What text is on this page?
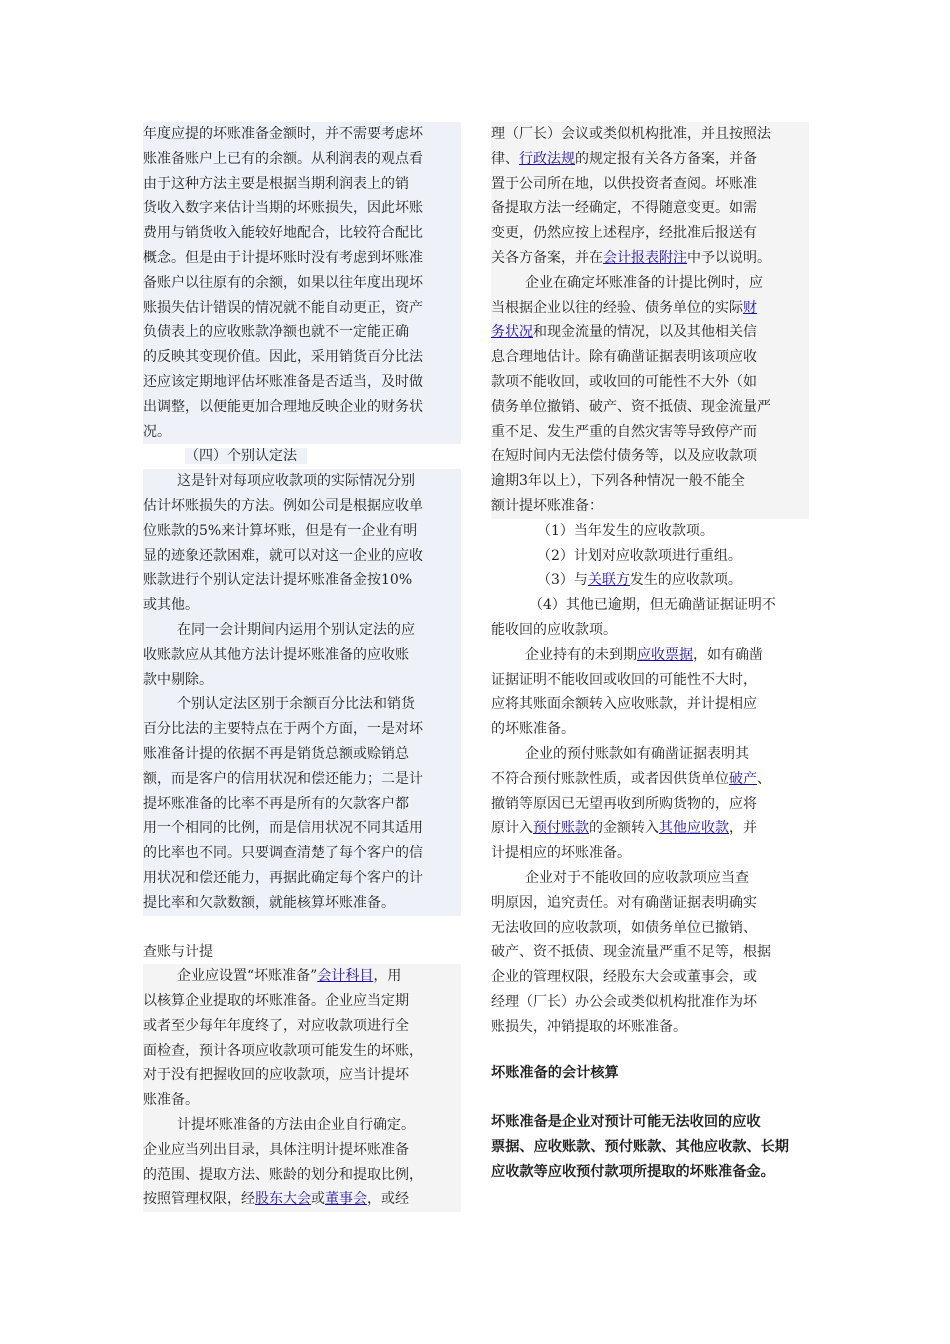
年度应提的坏账准备金额时，并不需要考虑坏
账准备账户上已有的余额。从利润表的观点看
由于这种方法主要是根据当期利润表上的销
货收入数字来估计当期的坏账损失，因此坏账
费用与销货收入能较好地配合，比较符合配比
概念。但是由于计提坏账时没有考虑到坏账准
备账户以往原有的余额，如果以往年度出现坏
账损失估计错误的情况就不能自动更正，资产
负债表上的应收账款净额也就不一定能正确
的反映其变现价值。因此，采用销货百分比法
还应该定期地评估坏账准备是否适当，及时做
出调整，以便能更加合理地反映企业的财务状
况。
（四）个别认定法
这是针对每项应收款项的实际情况分别
估计坏账损失的方法。例如公司是根据应收单
位账款的5%来计算坏账，但是有一企业有明
显的迹象还款困难，就可以对这一企业的应收
账款进行个别认定法计提坏账准备金按10%
或其他。
在同一会计期间内运用个别认定法的应
收账款应从其他方法计提坏账准备的应收账
款中剔除。
个别认定法区别于余额百分比法和销货
百分比法的主要特点在于两个方面，一是对坏
账准备计提的依据不再是销货总额或赊销总
额，而是客户的信用状况和偿还能力；二是计
提坏账准备的比率不再是所有的欠款客户都
用一个相同的比例，而是信用状况不同其适用
的比率也不同。只要调查清楚了每个客户的信
用状况和偿还能力，再据此确定每个客户的计
提比率和欠款数额，就能核算坏账准备。
查账与计提
企业应设置“坏账准备”会计科目，用
以核算企业提取的坏账准备。企业应当定期
或者至少每年年度终了，对应收款项进行全
面检查，预计各项应收款项可能发生的坏账，
对于没有把握收回的应收款项，应当计提坏
账准备。
计提坏账准备的方法由企业自行确定。
企业应当列出目录，具体注明计提坏账准备
的范围、提取方法、账龄的划分和提取比例，
按照管理权限，经股东大会或董事会，或经
理（厂长）会议或类似机构批准，并且按照法
律、行政法规的规定报有关各方备案，并备
置于公司所在地，以供投资者查阅。坏账准
备提取方法一经确定，不得随意变更。如需
变更，仍然应按上述程序，经批准后报送有
关各方备案，并在会计报表附注中予以说明。
企业在确定坏账准备的计提比例时，应
当根据企业以往的经验、债务单位的实际财
务状况和现金流量的情况，以及其他相关信
息合理地估计。除有确凿证据表明该项应收
款项不能收回，或收回的可能性不大外（如
债务单位撤销、破产、资不抵债、现金流量严
重不足、发生严重的自然灾害等导致停产而
在短时间内无法偿付债务等，以及应收款项
逾期3年以上），下列各种情况一般不能全
额计提坏账准备：
（1）当年发生的应收款项。
（2）计划对应收款项进行重组。
（3）与关联方发生的应收款项。
（4）其他已逾期，但无确凿证据证明不
能收回的应收款项。
企业持有的未到期应收票据，如有确凿
证据证明不能收回或收回的可能性不大时，
应将其账面余额转入应收账款，并计提相应
的坏账准备。
企业的预付账款如有确凿证据表明其
不符合预付账款性质，或者因供货单位破产、
撤销等原因已无望再收到所购货物的，应将
原计入预付账款的金额转入其他应收款，并
计提相应的坏账准备。
企业对于不能收回的应收款项应当查
明原因，追究责任。对有确凿证据表明确实
无法收回的应收款项，如债务单位已撤销、
破产、资不抵债、现金流量严重不足等，根据
企业的管理权限，经股东大会或董事会，或
经理（厂长）办公会或类似机构批准作为坏
账损失，冲销提取的坏账准备。
坏账准备的会计核算
坏账准备是企业对预计可能无法收回的应收
票据、应收账款、预付账款、其他应收款、长期
应收款等应收预付款项所提取的坏账准备金。
